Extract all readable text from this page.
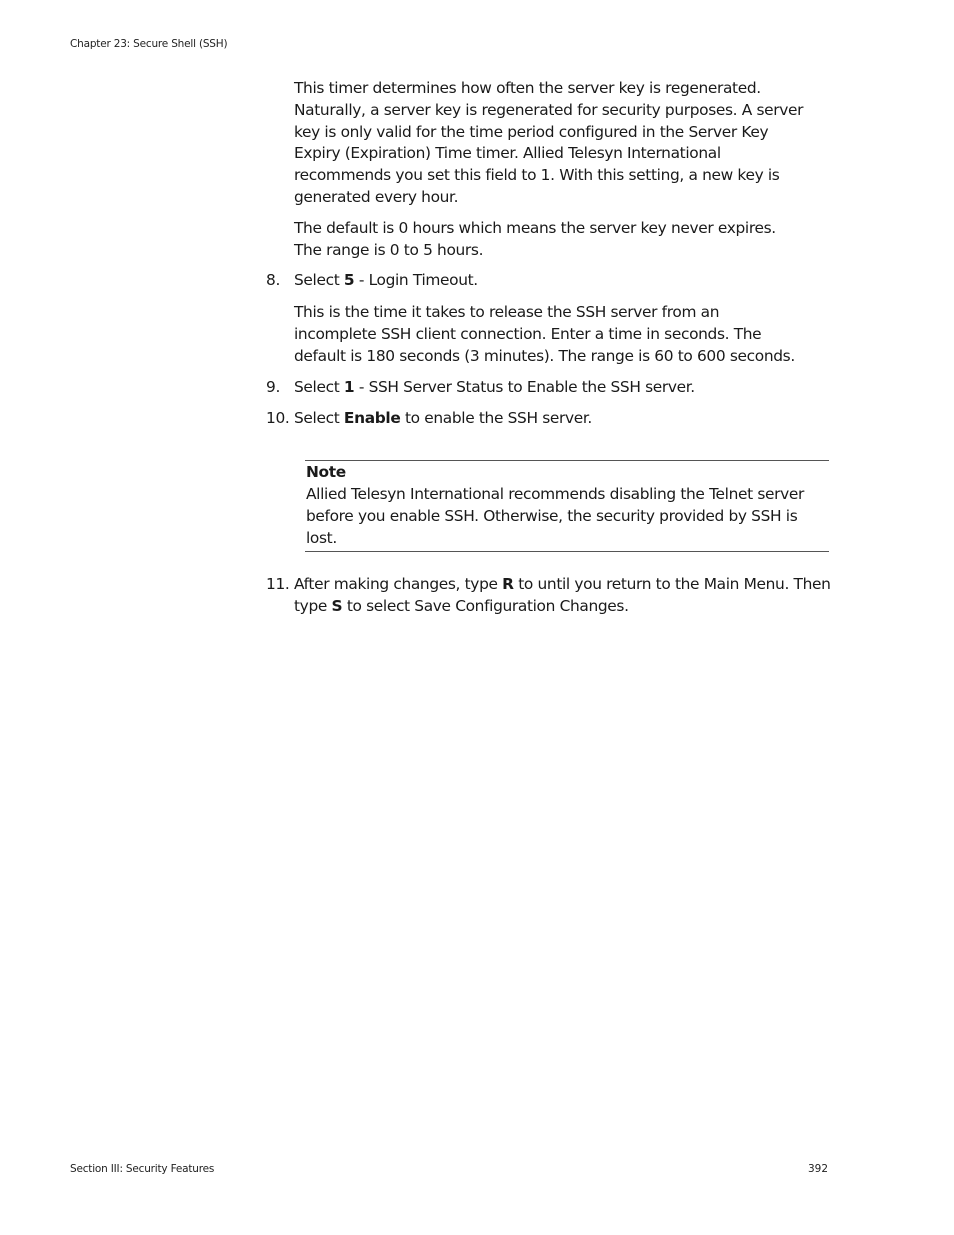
Chapter 23: Secure Shell (SSH)

This timer determines how often the server key is regenerated. Naturally, a server key is regenerated for security purposes. A server key is only valid for the time period configured in the Server Key Expiry (Expiration) Time timer. Allied Telesyn International recommends you set this field to 1. With this setting, a new key is generated every hour.

The default is 0 hours which means the server key never expires. The range is 0 to 5 hours.

8. Select 5 - Login Timeout.

This is the time it takes to release the SSH server from an incomplete SSH client connection. Enter a time in seconds. The default is 180 seconds (3 minutes). The range is 60 to 600 seconds.

9. Select 1 - SSH Server Status to Enable the SSH server.
10. Select Enable to enable the SSH server.
Note
Allied Telesyn International recommends disabling the Telnet server before you enable SSH. Otherwise, the security provided by SSH is lost.
11. After making changes, type R to until you return to the Main Menu. Then type S to select Save Configuration Changes.
Section III: Security Features	392
